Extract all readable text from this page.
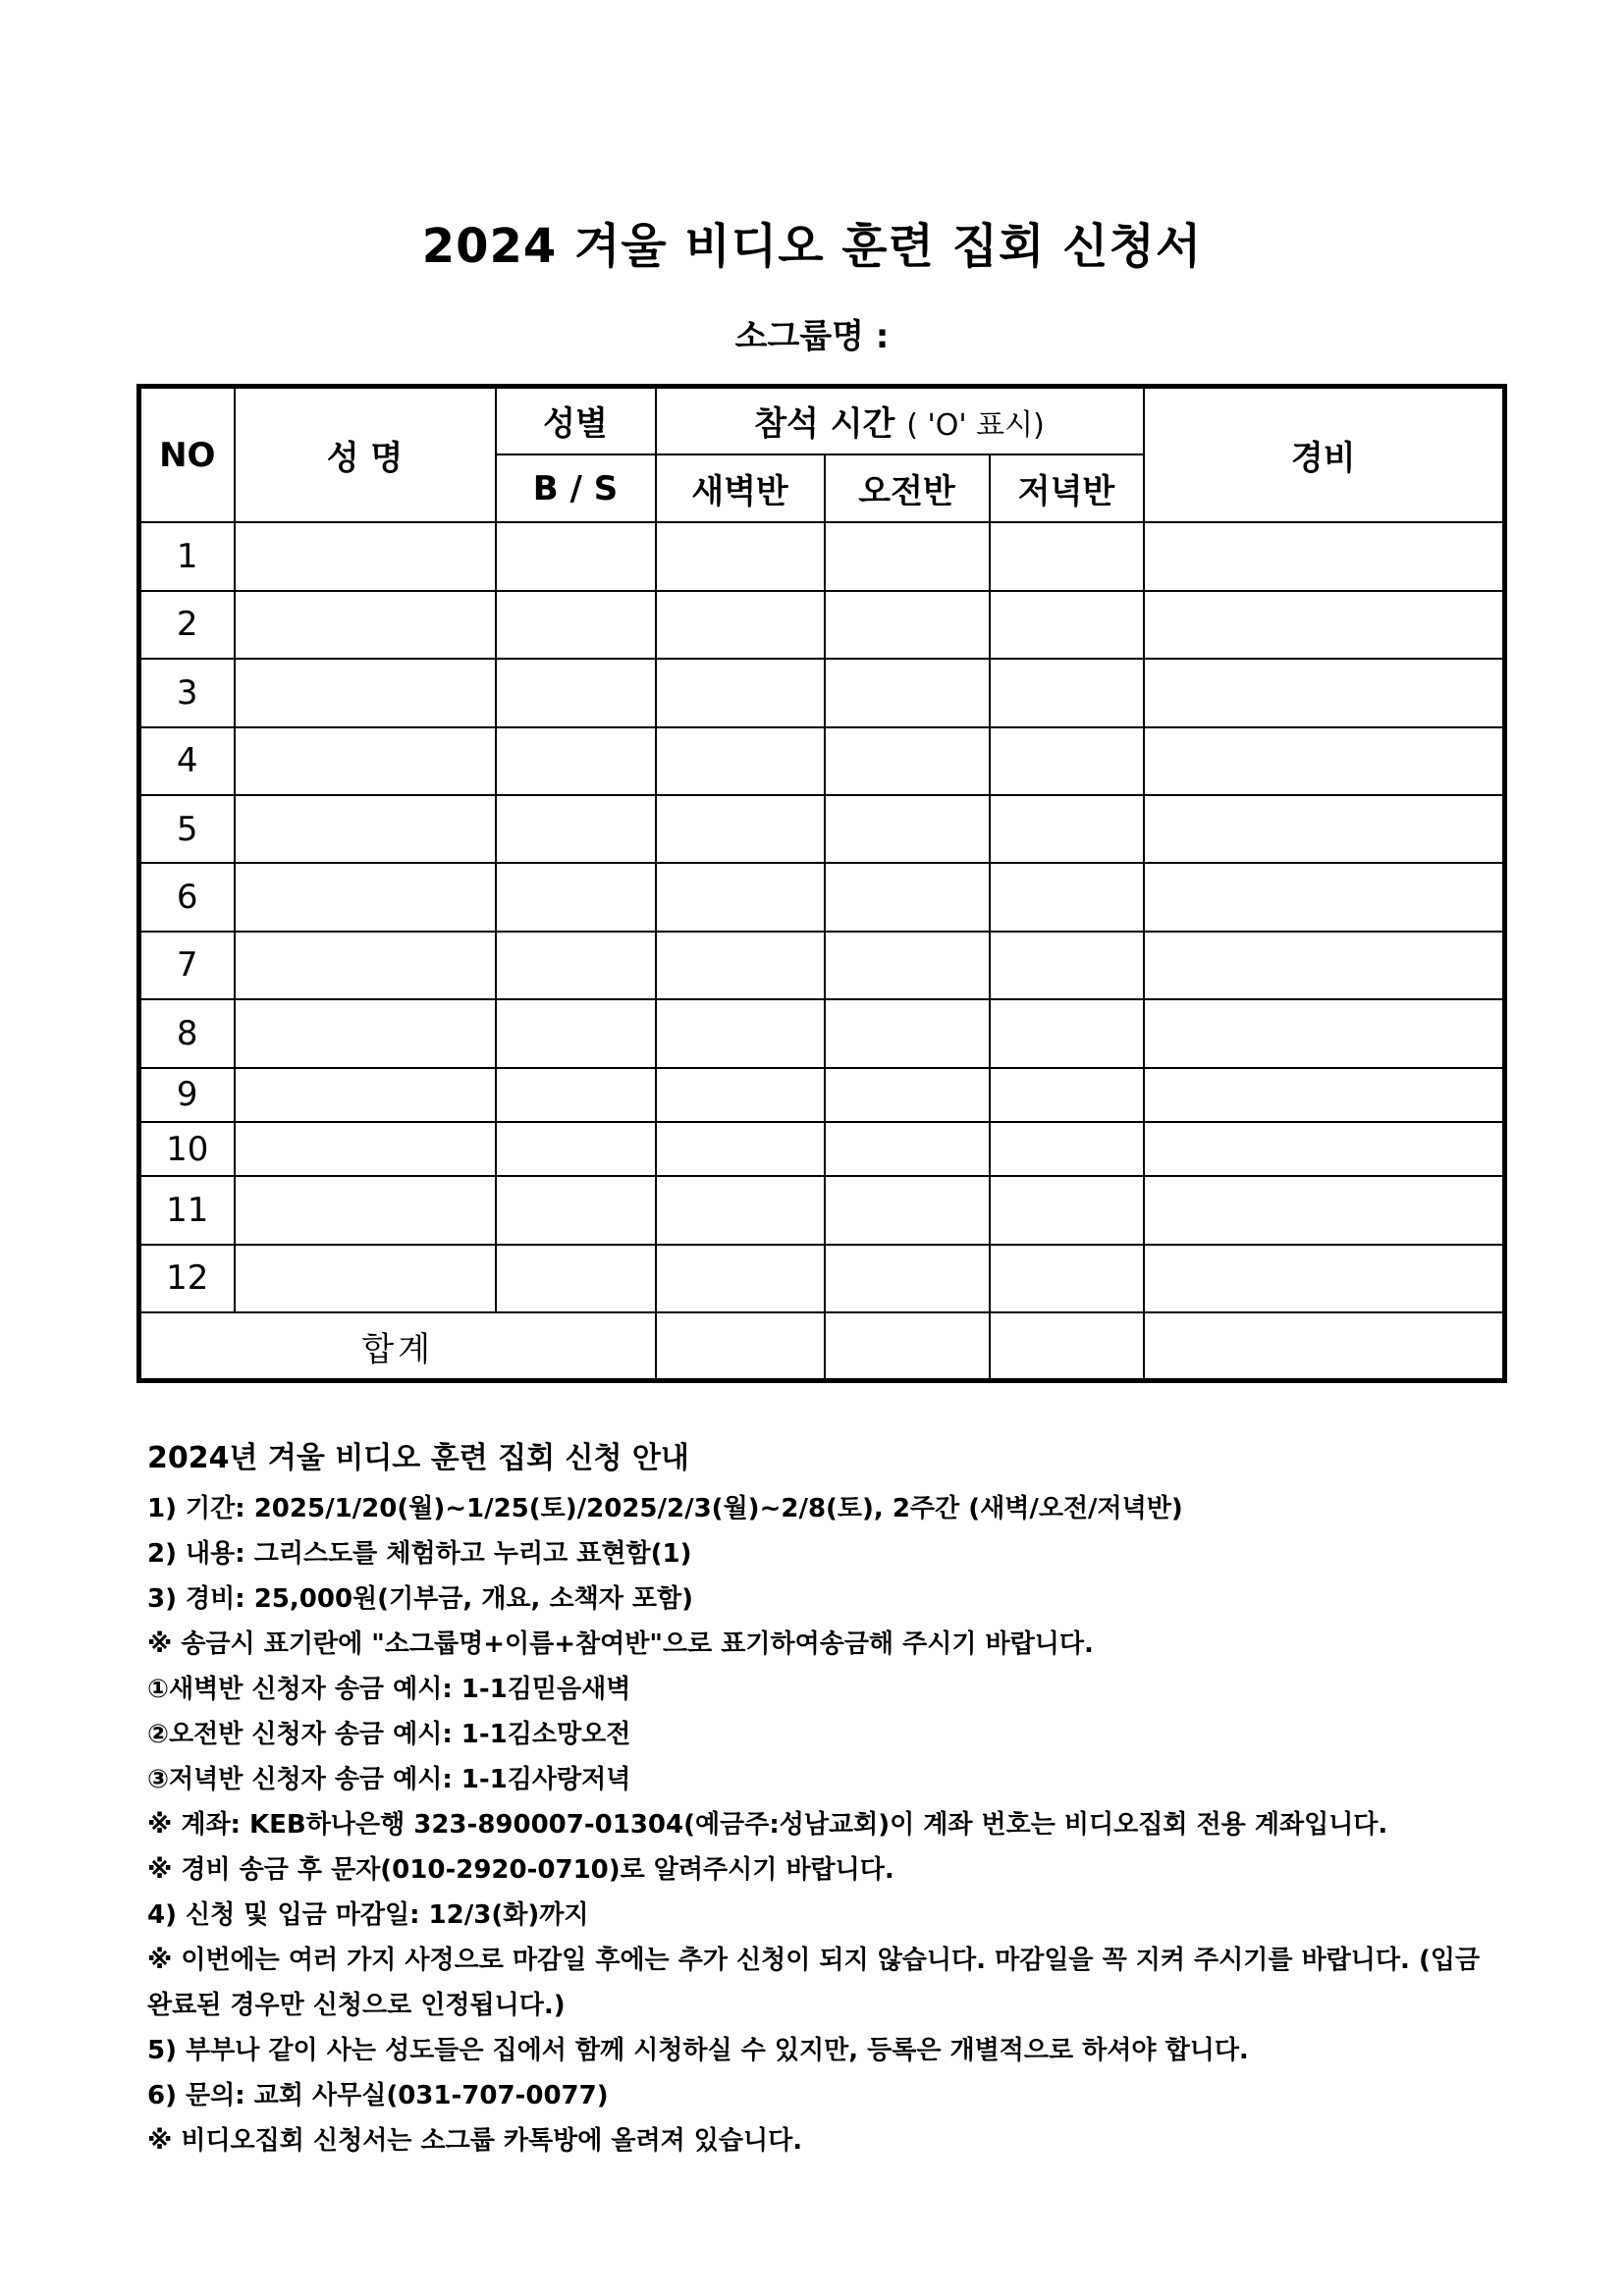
2024 겨울 비디오 훈련 집회 신청서
소그룹명 :
NO	성 명	성별	참석 시간 ( 'O' 표시)			경비
		B / S	새벽반	오전반	저녁반	
1						
2						
3						
4						
5						
6						
7						
8						
9						
10						
11						
12						
합계						
2024년 겨울 비디오 훈련 집회 신청 안내

1) 기간: 2025/1/20(월)~1/25(토)/2025/2/3(월)~2/8(토), 2주간 (새벽/오전/저녁반)

2) 내용: 그리스도를 체험하고 누리고 표현함(1)

3) 경비: 25,000원(기부금, 개요, 소책자 포함)

※ 송금시 표기란에 "소그룹명+이름+참여반"으로 표기하여송금해 주시기 바랍니다.

①새벽반 신청자 송금 예시: 1-1김믿음새벽

②오전반 신청자 송금 예시: 1-1김소망오전

③저녁반 신청자 송금 예시: 1-1김사랑저녁

※ 계좌: KEB하나은행 323-890007-01304(예금주:성남교회)이 계좌 번호는 비디오집회 전용 계좌입니다.

※ 경비 송금 후 문자(010-2920-0710)로 알려주시기 바랍니다.

4) 신청 및 입금 마감일: 12/3(화)까지

※ 이번에는 여러 가지 사정으로 마감일 후에는 추가 신청이 되지 않습니다. 마감일을 꼭 지켜 주시기를 바랍니다. (입금 완료된 경우만 신청으로 인정됩니다.)

5) 부부나 같이 사는 성도들은 집에서 함께 시청하실 수 있지만, 등록은 개별적으로 하셔야 합니다.

6) 문의: 교회 사무실(031-707-0077)

※ 비디오집회 신청서는 소그룹 카톡방에 올려져 있습니다.
